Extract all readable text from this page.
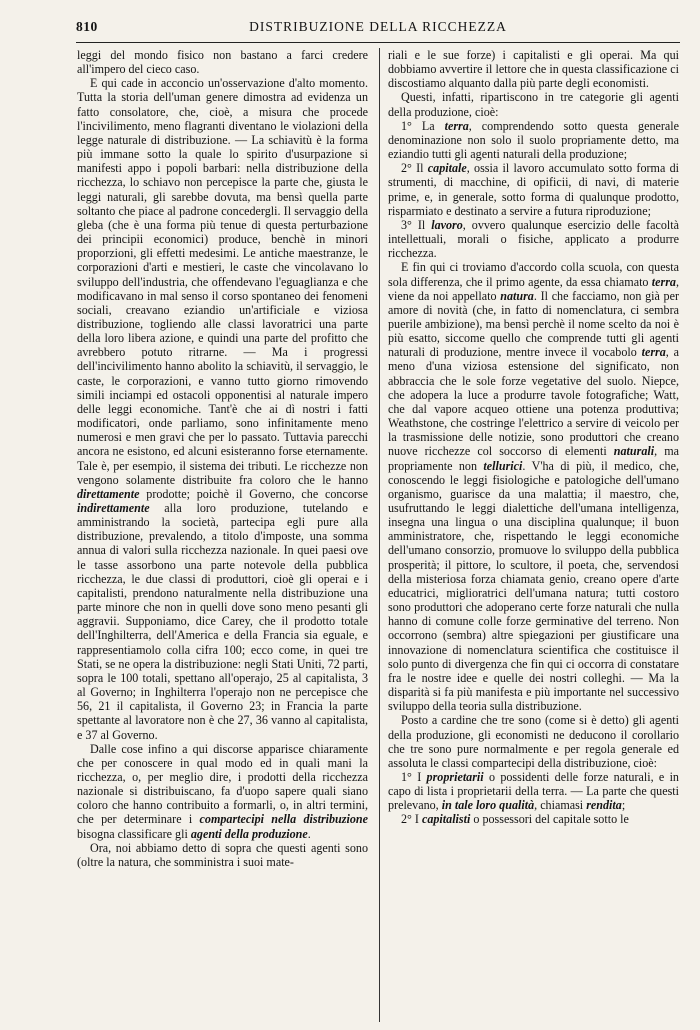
810	DISTRIBUZIONE DELLA RICCHEZZA

leggi del mondo fisico non bastano a farci credere all'impero del cieco caso.

E qui cade in acconcio un'osservazione d'alto momento. Tutta la storia dell'uman genere dimostra ad evidenza un fatto consolatore, che, cioè, a misura che procede l'incivilimento, meno flagranti diventano le violazioni della legge naturale di distribuzione. — La schiavitù è la forma più immane sotto la quale lo spirito d'usurpazione si manifesti appo i popoli barbari: nella distribuzione della ricchezza, lo schiavo non percepisce la parte che, giusta le leggi naturali, gli sarebbe dovuta, ma bensì quella parte soltanto che piace al padrone concedergli. Il servaggio della gleba (che è una forma più tenue di questa perturbazione dei principii economici) produce, benchè in minori proporzioni, gli effetti medesimi. Le antiche maestranze, le corporazioni d'arti e mestieri, le caste che vincolavano lo sviluppo dell'industria, che offendevano l'eguaglianza e che modificavano in mal senso il corso spontaneo dei fenomeni sociali, creavano eziandio un'artificiale e viziosa distribuzione, togliendo alle classi lavoratrici una parte della loro libera azione, e quindi una parte del profitto che avrebbero potuto ritrarne. — Ma i progressi dell'incivilimento hanno abolito la schiavitù, il servaggio, le caste, le corporazioni, e vanno tutto giorno rimovendo simili inciampi ed ostacoli opponentisi al naturale impero delle leggi economiche. Tant'è che ai dì nostri i fatti modificatori, onde parliamo, sono infinitamente meno numerosi e men gravi che per lo passato. Tuttavia parecchi ancora ne esistono, ed alcuni esisteranno forse eternamente. Tale è, per esempio, il sistema dei tributi. Le ricchezze non vengono solamente distribuite fra coloro che le hanno direttamente prodotte; poichè il Governo, che concorse indirettamente alla loro produzione, tutelando e amministrando la società, partecipa egli pure alla distribuzione, prevalendo, a titolo d'imposte, una somma annua di valori sulla ricchezza nazionale. In quei paesi ove le tasse assorbono una parte notevole della pubblica ricchezza, le due classi di produttori, cioè gli operai e i capitalisti, prendono naturalmente nella distribuzione una parte minore che non in quelli dove sono meno pesanti gli aggravii. Supponiamo, dice Carey, che il prodotto totale dell'Inghilterra, dell'America e della Francia sia eguale, e rappresentiamolo colla cifra 100; ecco come, in quei tre Stati, se ne opera la distribuzione: negli Stati Uniti, 72 parti, sopra le 100 totali, spettano all'operajo, 25 al capitalista, 3 al Governo; in Inghilterra l'operajo non ne percepisce che 56, 21 il capitalista, il Governo 23; in Francia la parte spettante al lavoratore non è che 27, 36 vanno al capitalista, e 37 al Governo.

Dalle cose infino a qui discorse apparisce chiaramente che per conoscere in qual modo ed in quali mani la ricchezza, o, per meglio dire, i prodotti della ricchezza nazionale si distribuiscano, fa d'uopo sapere quali siano coloro che hanno contribuito a formarli, o, in altri termini, che per determinare i compartecipi nella distribuzione bisogna classificare gli agenti della produzione.

Ora, noi abbiamo detto di sopra che questi agenti sono (oltre la natura, che somministra i suoi mate-

riali e le sue forze) i capitalisti e gli operai. Ma qui dobbiamo avvertire il lettore che in questa classificazione ci discostiamo alquanto dalla più parte degli economisti.

Questi, infatti, ripartiscono in tre categorie gli agenti della produzione, cioè:

1° La terra, comprendendo sotto questa generale denominazione non solo il suolo propriamente detto, ma eziandio tutti gli agenti naturali della produzione;

2° Il capitale, ossia il lavoro accumulato sotto forma di strumenti, di macchine, di opificii, di navi, di materie prime, e, in generale, sotto forma di qualunque prodotto, risparmiato e destinato a servire a futura riproduzione;

3° Il lavoro, ovvero qualunque esercizio delle facoltà intellettuali, morali o fisiche, applicato a produrre ricchezza.

E fin qui ci troviamo d'accordo colla scuola, con questa sola differenza, che il primo agente, da essa chiamato terra, viene da noi appellato natura. Il che facciamo, non già per amore di novità (che, in fatto di nomenclatura, ci sembra puerile ambizione), ma bensì perchè il nome scelto da noi è più esatto, siccome quello che comprende tutti gli agenti naturali di produzione, mentre invece il vocabolo terra, a meno d'una viziosa estensione del significato, non abbraccia che le sole forze vegetative del suolo. Niepce, che adopera la luce a produrre tavole fotografiche; Watt, che dal vapore acqueo ottiene una potenza produttiva; Weathstone, che costringe l'elettrico a servire di veicolo per la trasmissione delle notizie, sono produttori che creano nuove ricchezze col soccorso di elementi naturali, ma propriamente non tellurici. V'ha di più, il medico, che, conoscendo le leggi fisiologiche e patologiche dell'umano organismo, guarisce da una malattia; il maestro, che, usufruttando le leggi dialettiche dell'umana intelligenza, insegna una lingua o una disciplina qualunque; il buon amministratore, che, rispettando le leggi economiche dell'umano consorzio, promuove lo sviluppo della pubblica prosperità; il pittore, lo scultore, il poeta, che, servendosi della misteriosa forza chiamata genio, creano opere d'arte educatrici, miglioratrici dell'umana natura; tutti costoro sono produttori che adoperano certe forze naturali che nulla hanno di comune colle forze germinative del terreno. Non occorrono (sembra) altre spiegazioni per giustificare una innovazione di nomenclatura scientifica che costituisce il solo punto di divergenza che fin qui ci occorra di constatare fra le nostre idee e quelle dei nostri colleghi. — Ma la disparità si fa più manifesta e più importante nel successivo sviluppo della teoria sulla distribuzione.

Posto a cardine che tre sono (come si è detto) gli agenti della produzione, gli economisti ne deducono il corollario che tre sono pure normalmente e per regola generale ed assoluta le classi compartecipi della distribuzione, cioè:

1° I proprietarii o possidenti delle forze naturali, e in capo di lista i proprietarii della terra. — La parte che questi prelevano, in tale loro qualità, chiamasi rendita;

2° I capitalisti o possessori del capitale sotto le
